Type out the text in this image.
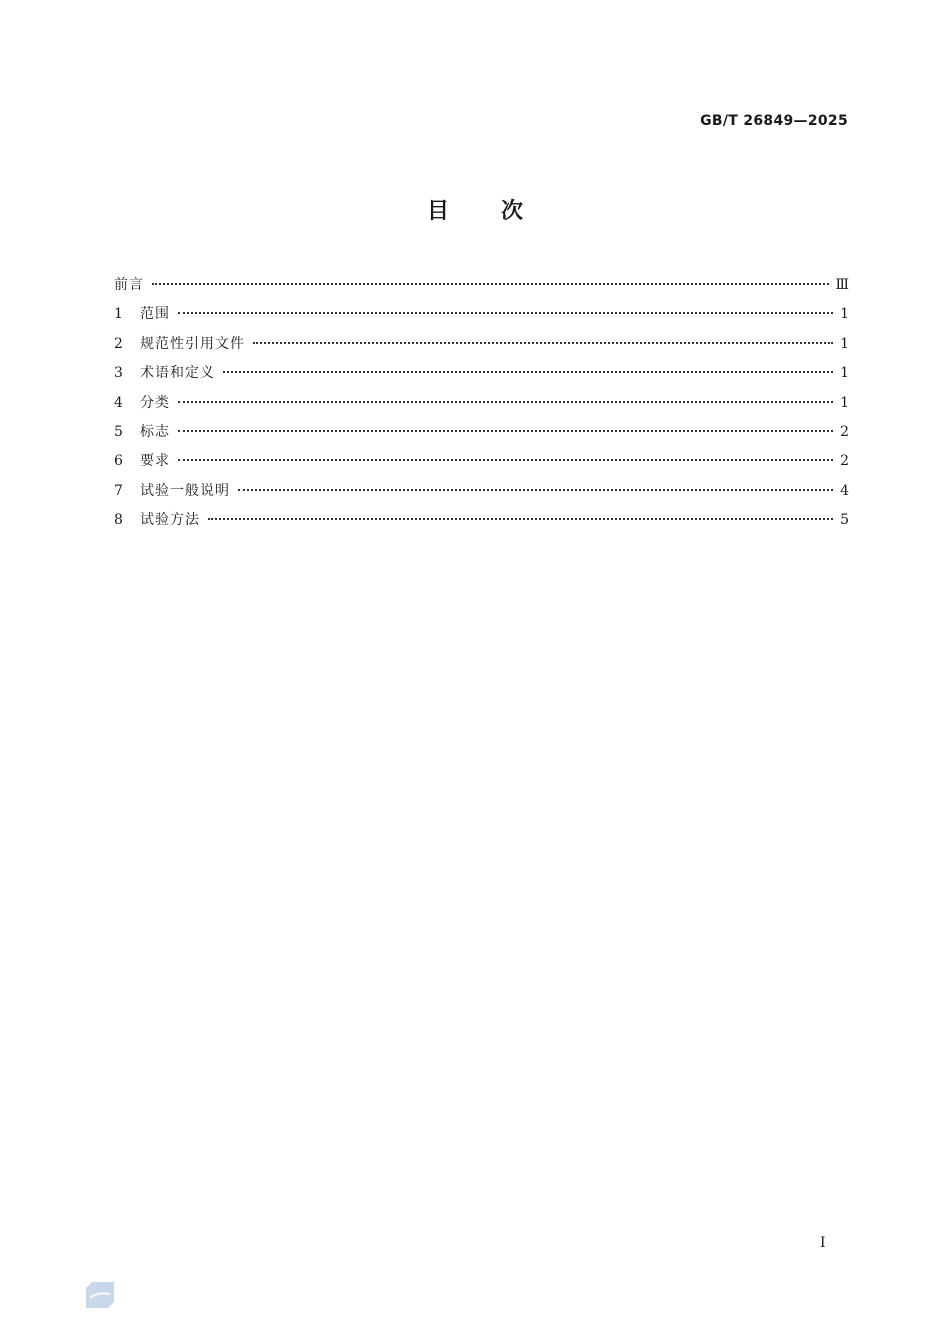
GB/T 26849—2025
目 次
前言	Ⅲ
1	范围	1
2	规范性引用文件	1
3	术语和定义	1
4	分类	1
5	标志	2
6	要求	2
7	试验一般说明	4
8	试验方法	5
I
